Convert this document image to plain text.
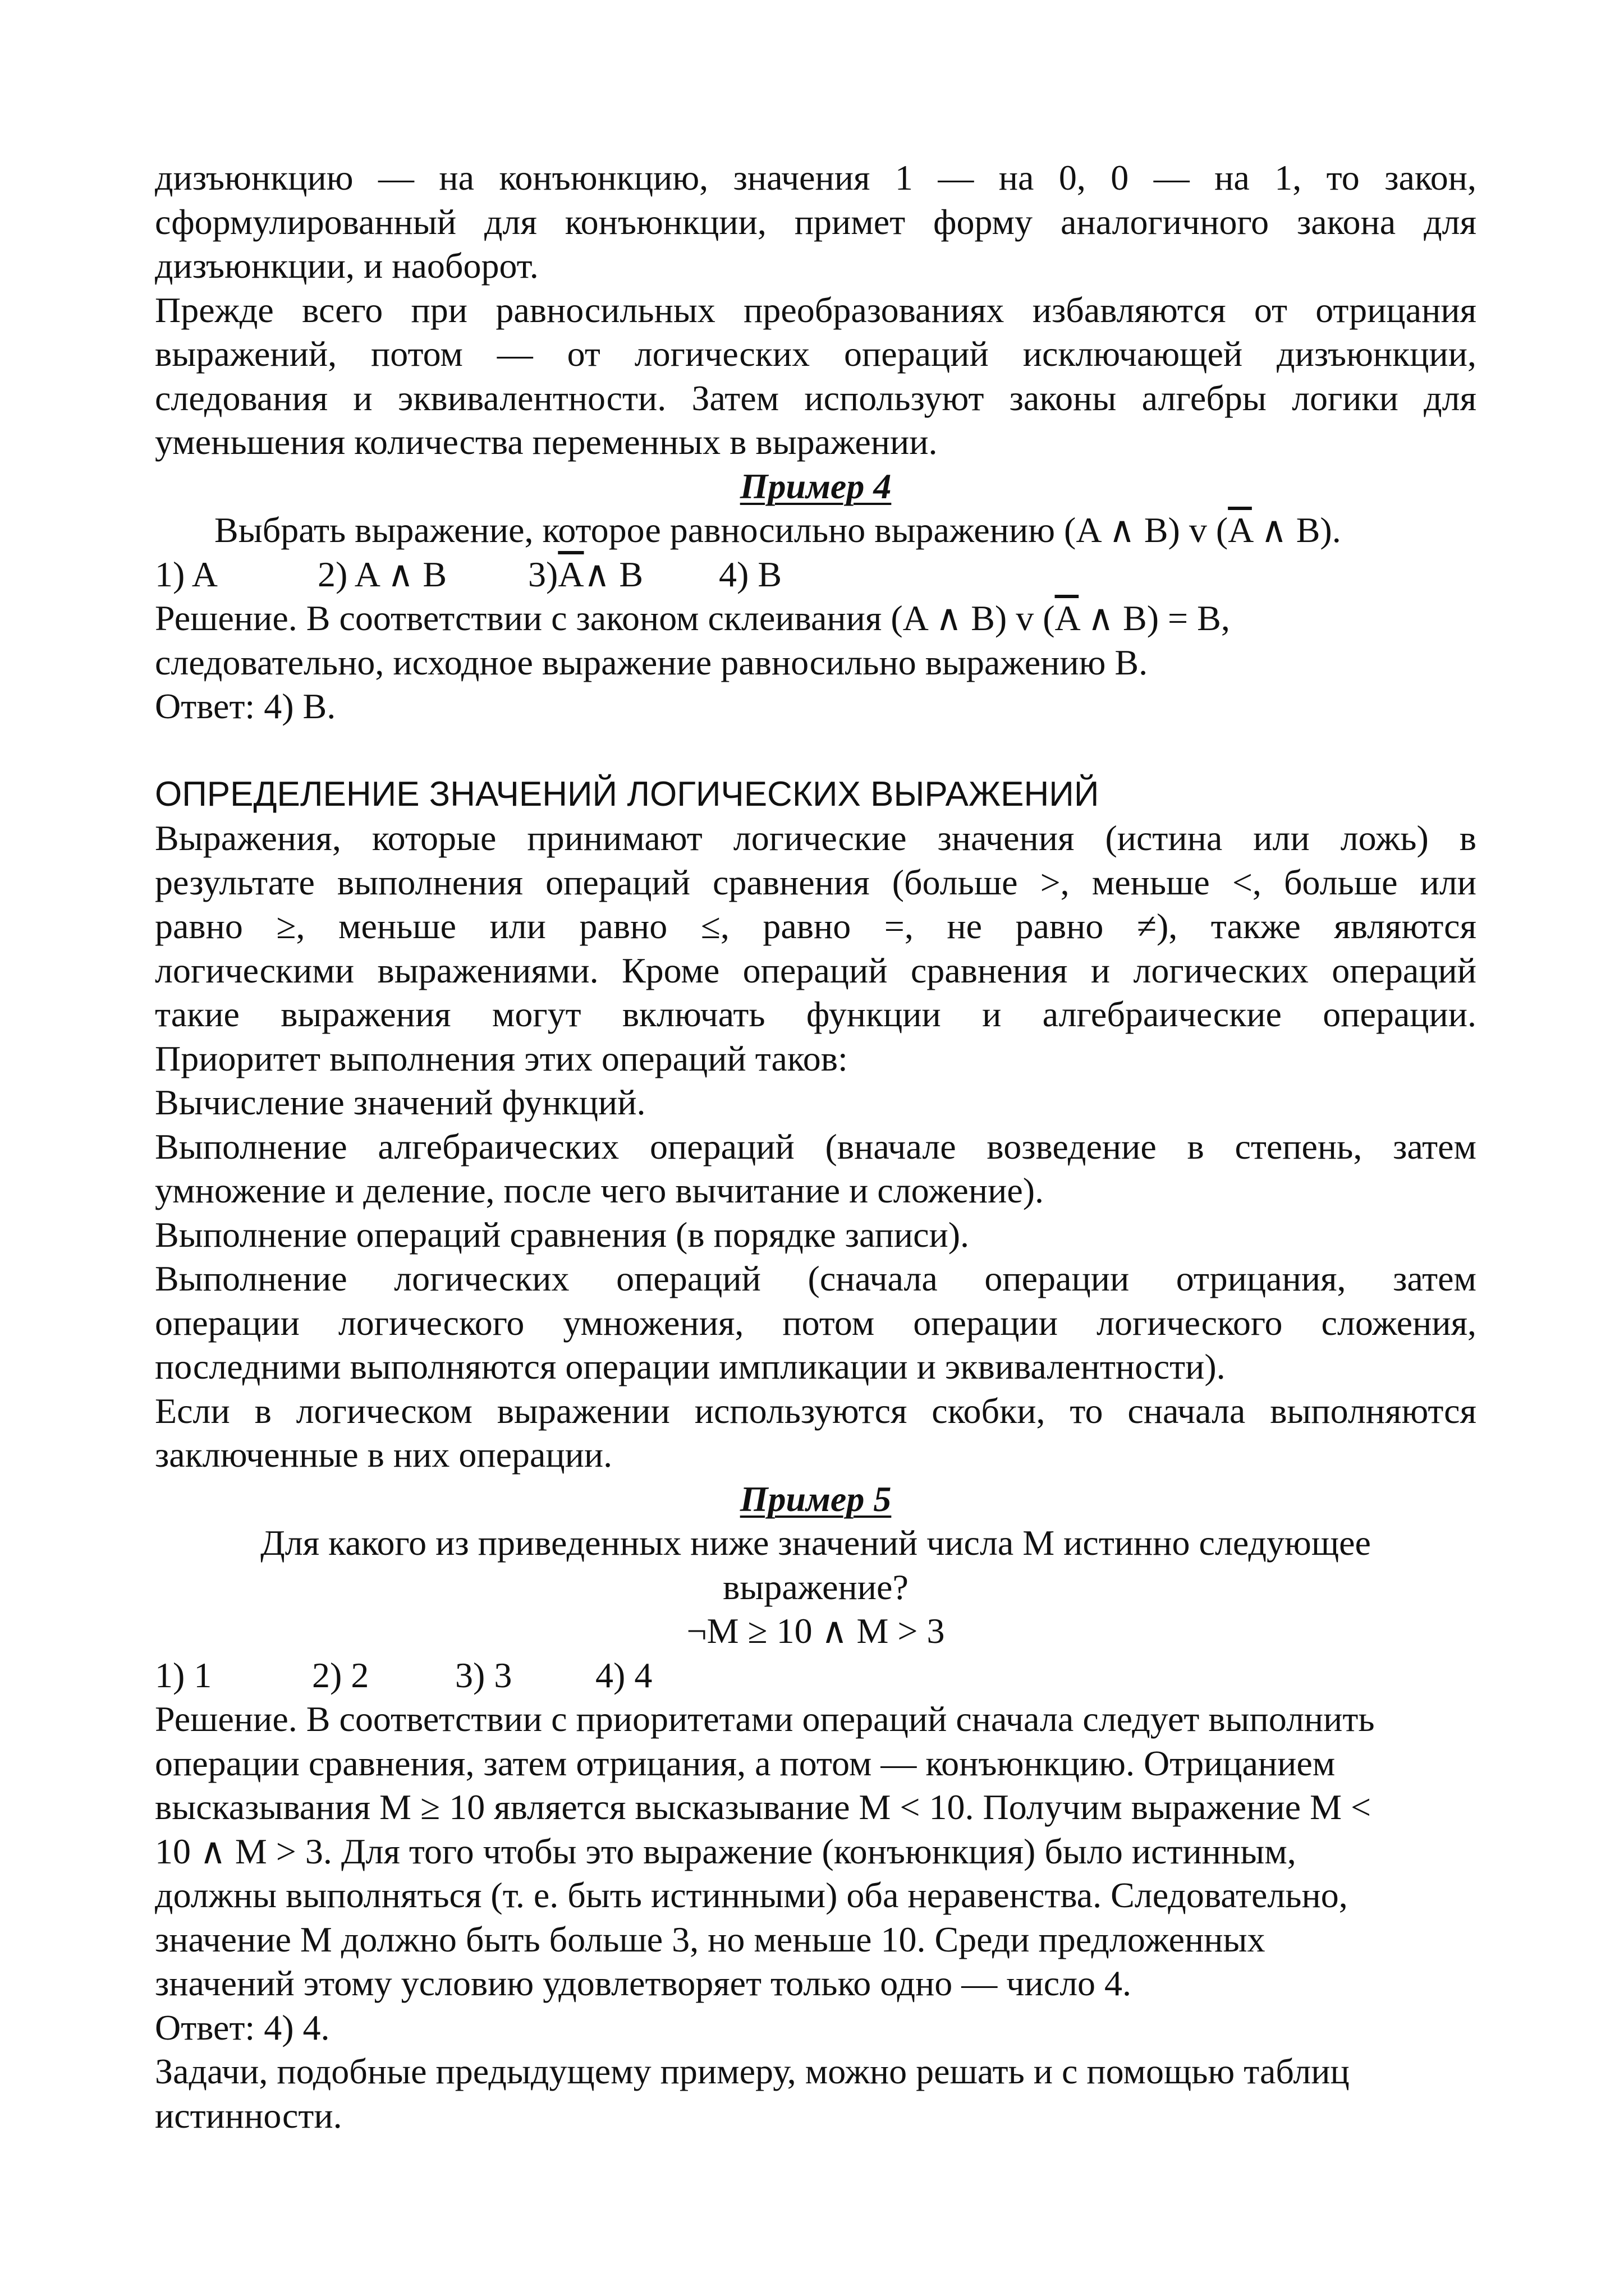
дизъюнкцию — на конъюнкцию, значения 1 — на 0, 0 — на 1, то закон,

сформулированный для конъюнкции, примет форму аналогичного закона для

дизъюнкции, и наоборот.

Прежде всего при равносильных преобразованиях избавляются от отрицания

выражений, потом — от логических операций исключающей дизъюнкции,

следования и эквивалентности. Затем используют законы алгебры логики для

уменьшения количества переменных в выражении.

Пример 4

Выбрать выражение, которое равносильно выражению (A ∧ B) v ($\overline{A}$ ∧ B).

1) A	2) A ∧ B	$3)\overline{A}\wedge$ B	4) B

Решение. В соответствии с законом склеивания (A ∧ B) v ($\overline{A}$ ∧ B) = B,

следовательно, исходное выражение равносильно выражению B.

Ответ: 4) B.

ОПРЕДЕЛЕНИЕ ЗНАЧЕНИЙ ЛОГИЧЕСКИХ ВЫРАЖЕНИЙ

Выражения, которые принимают логические значения (истина или ложь) в

результате выполнения операций сравнения (больше >, меньше <, больше или

равно ≥, меньше или равно ≤, равно =, не равно ≠), также являются

логическими выражениями. Кроме операций сравнения и логических операций

такие выражения могут включать функции и алгебраические операции.

Приоритет выполнения этих операций таков:

Вычисление значений функций.

Выполнение алгебраических операций (вначале возведение в степень, затем

умножение и деление, после чего вычитание и сложение).

Выполнение операций сравнения (в порядке записи).

Выполнение логических операций (сначала операции отрицания, затем

операции логического умножения, потом операции логического сложения,

последними выполняются операции импликации и эквивалентности).

Если в логическом выражении используются скобки, то сначала выполняются

заключенные в них операции.

Пример 5

Для какого из приведенных ниже значений числа M истинно следующее

выражение?

¬M ≥ 10 ∧ M > 3

1) 1	2) 2	3) 3	4) 4

Решение. В соответствии с приоритетами операций сначала следует выполнить

операции сравнения, затем отрицания, а потом — конъюнкцию. Отрицанием

высказывания M ≥ 10 является высказывание M < 10. Получим выражение M <

10 ∧ M > 3. Для того чтобы это выражение (конъюнкция) было истинным,

должны выполняться (т. е. быть истинными) оба неравенства. Следовательно,

значение M должно быть больше 3, но меньше 10. Среди предложенных

значений этому условию удовлетворяет только одно — число 4.

Ответ: 4) 4.

Задачи, подобные предыдущему примеру, можно решать и с помощью таблиц

истинности.
